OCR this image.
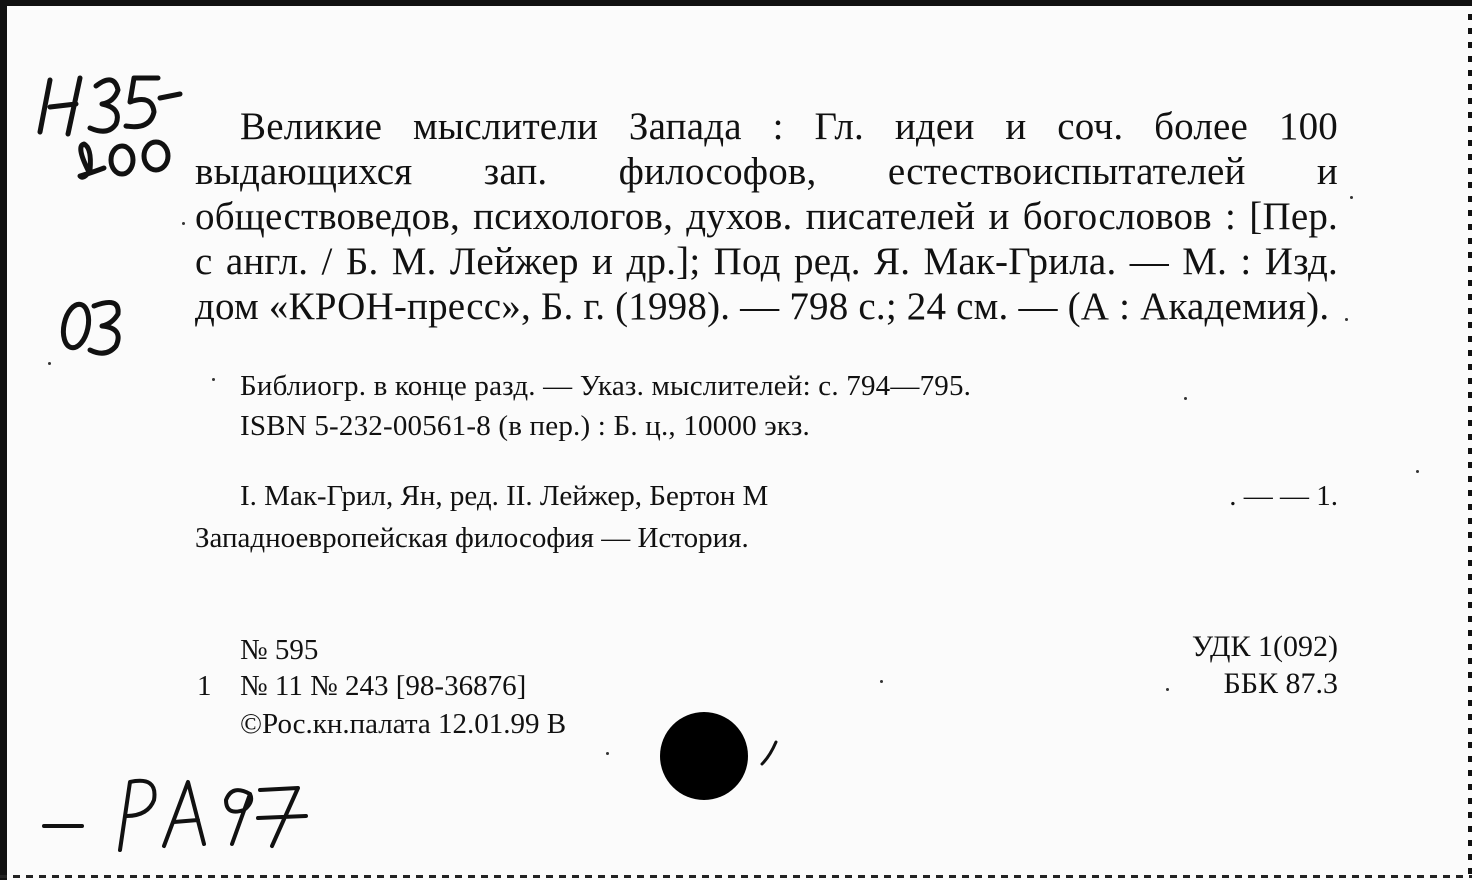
Великие мыслители Запада : Гл. идеи и соч. более 100 выдающихся зап. философов, естествоиспытателей и обществоведов, психологов, духов. писателей и богословов : [Пер. с англ. / Б. М. Лейжер и др.]; Под ред. Я. Мак-Грила. — М. : Изд. дом «КРОН-пресс», Б. г. (1998). — 798 с.; 24 см. — (А : Академия).
Библиогр. в конце разд. — Указ. мыслителей: с. 794—795.
ISBN 5-232-00561-8 (в пер.) : Б. ц., 10000 экз.
I. Мак-Грил, Ян, ред. II. Лейжер, Бертон М	. — — 1.
Западноевропейская философия — История.
№ 595
1 № 11 № 243 [98-36876]
©Рос.кн.палата 12.01.99 В
УДК 1(092)
ББК 87.3
